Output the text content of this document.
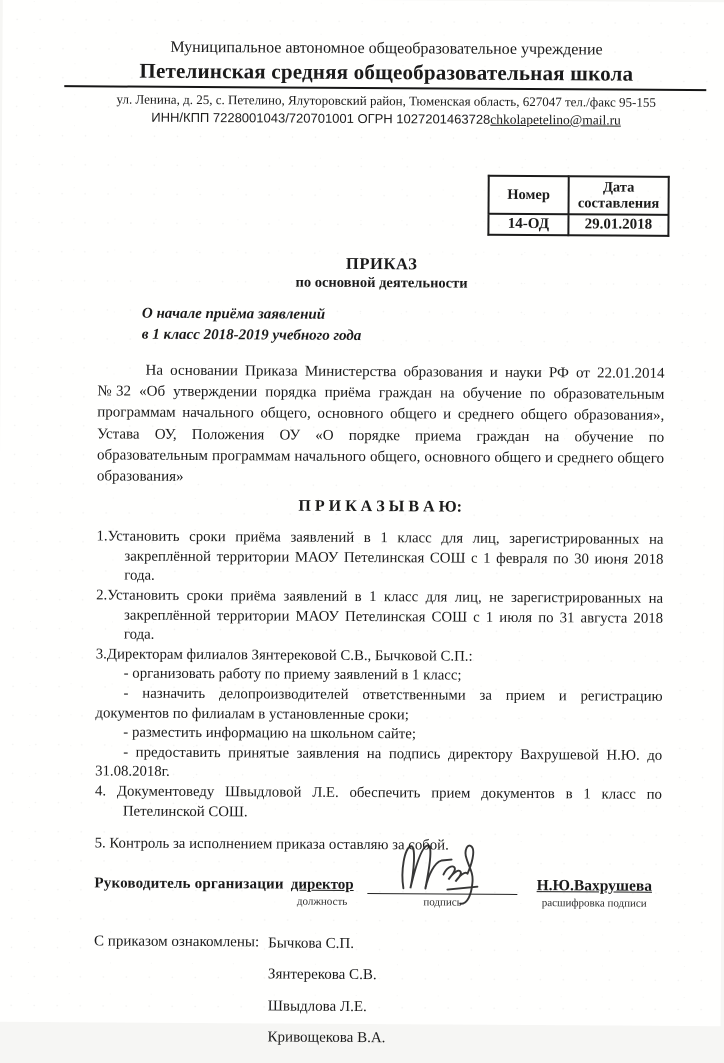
Муниципальное автономное общеобразовательное учреждение
Петелинская средняя общеобразовательная школа
ул. Ленина, д. 25, с. Петелино, Ялуторовский район, Тюменская область, 627047 тел./факс 95-155
ИНН/КПП 7228001043/720701001 ОГРН 1027201463728chkolapetelino@mail.ru
Номер	Дата составления
14-ОД	29.01.2018
ПРИКАЗ
по основной деятельности
О начале приёма заявлений
в 1 класс 2018-2019 учебного года

На основании Приказа Министерства образования и науки РФ от 22.01.2014 №32 «Об утверждении порядка приёма граждан на обучение по образовательным программам начального общего, основного общего и среднего общего образования», Устава ОУ, Положения ОУ «О порядке приема граждан на обучение по образовательным программам начального общего, основного общего и среднего общего образования»

П Р И К А З Ы В А Ю:
1.Установить сроки приёма заявлений в 1 класс для лиц, зарегистрированных на закреплённой территории МАОУ Петелинская СОШ с 1 февраля по 30 июня 2018 года.
2.Установить сроки приёма заявлений в 1 класс для лиц, не зарегистрированных на закреплённой территории МАОУ Петелинская СОШ с 1 июля по 31 августа 2018 года.
3.Директорам филиалов Зянтерековой С.В., Бычковой С.П.:
- организовать работу по приему заявлений в 1 класс;
- назначить делопроизводителей ответственными за прием и регистрацию документов по филиалам в установленные сроки;
- разместить информацию на школьном сайте;
- предоставить принятые заявления на подпись директору Вахрушевой Н.Ю. до 31.08.2018г.
4. Документоведу Швыдловой Л.Е. обеспечить прием документов в 1 класс по Петелинской СОШ.
5. Контроль за исполнением приказа оставляю за собой.
Руководитель организации директор
должность	подпись
Н.Ю.Вахрушева
расшифровка подписи
С приказом ознакомлены: Бычкова С.П.
Зянтерекова С.В.
Швыдлова Л.Е.
Кривощекова В.А.
